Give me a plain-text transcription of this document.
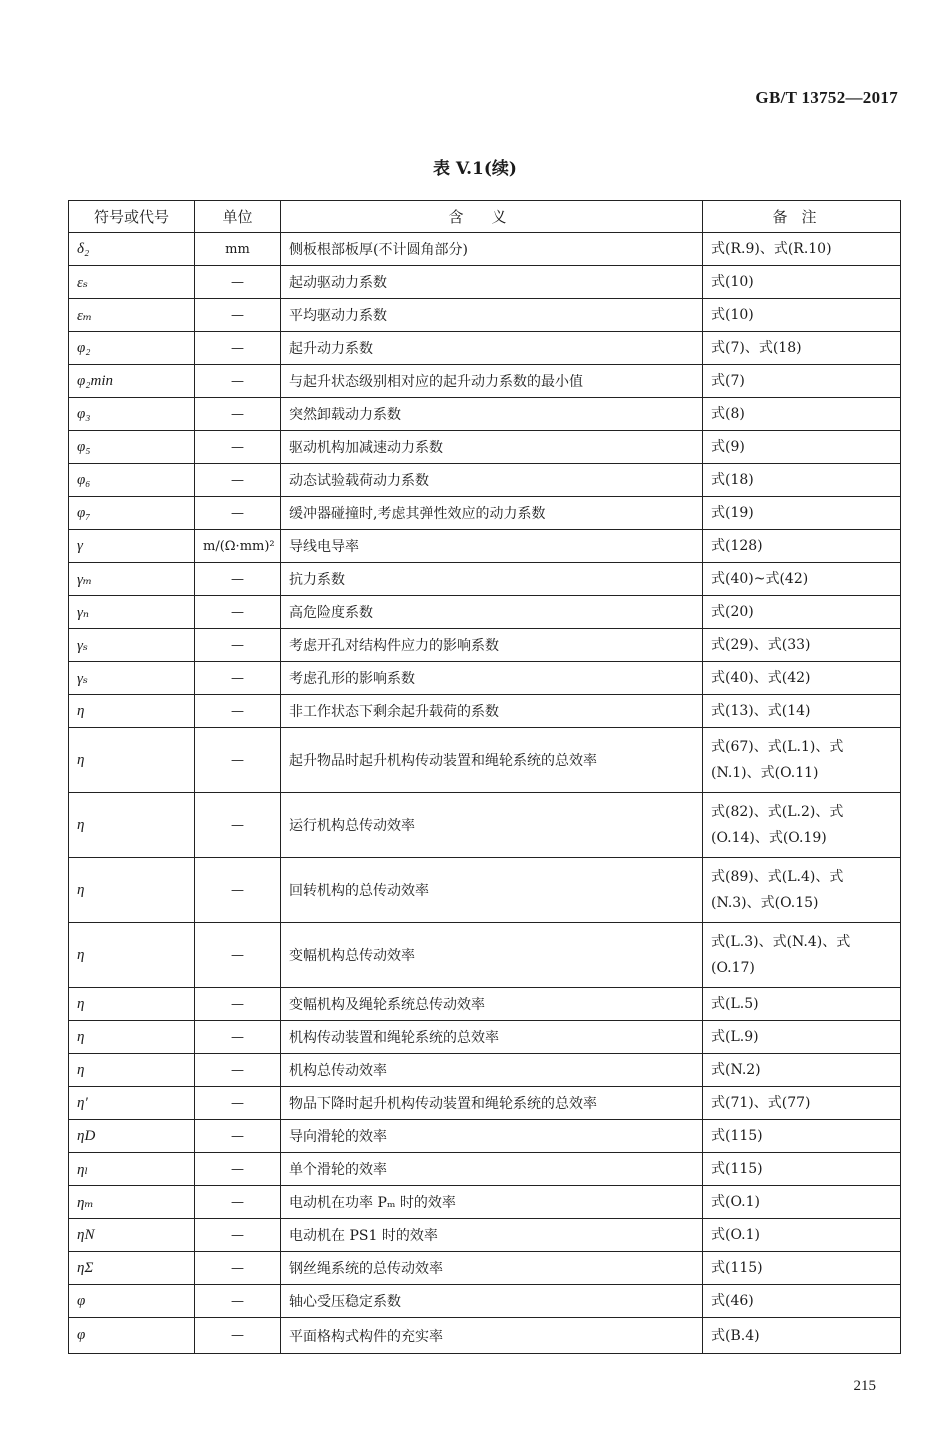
GB/T 13752—2017
表 V.1(续)
符号或代号	单位	含义	备注
δ₂	mm	侧板根部板厚(不计圆角部分)	式(R.9)、式(R.10)
εₛ	—	起动驱动力系数	式(10)
εₘ	—	平均驱动力系数	式(10)
φ₂	—	起升动力系数	式(7)、式(18)
φ₂min	—	与起升状态级别相对应的起升动力系数的最小值	式(7)
φ₃	—	突然卸载动力系数	式(8)
φ₅	—	驱动机构加减速动力系数	式(9)
φ₆	—	动态试验载荷动力系数	式(18)
φ₇	—	缓冲器碰撞时,考虑其弹性效应的动力系数	式(19)
γ	m/(Ω·mm)²	导线电导率	式(128)
γₘ	—	抗力系数	式(40)~式(42)
γₙ	—	高危险度系数	式(20)
γₛ	—	考虑开孔对结构件应力的影响系数	式(29)、式(33)
γₛ	—	考虑孔形的影响系数	式(40)、式(42)
η	—	非工作状态下剩余起升载荷的系数	式(13)、式(14)
η	—	起升物品时起升机构传动装置和绳轮系统的总效率	式(67)、式(L.1)、式(N.1)、式(O.11)
η	—	运行机构总传动效率	式(82)、式(L.2)、式(O.14)、式(O.19)
η	—	回转机构的总传动效率	式(89)、式(L.4)、式(N.3)、式(O.15)
η	—	变幅机构总传动效率	式(L.3)、式(N.4)、式(O.17)
η	—	变幅机构及绳轮系统总传动效率	式(L.5)
η	—	机构传动装置和绳轮系统的总效率	式(L.9)
η	—	机构总传动效率	式(N.2)
η′	—	物品下降时起升机构传动装置和绳轮系统的总效率	式(71)、式(77)
ηD	—	导向滑轮的效率	式(115)
ηₗ	—	单个滑轮的效率	式(115)
ηₘ	—	电动机在功率 Pₘ 时的效率	式(O.1)
ηN	—	电动机在 PS1 时的效率	式(O.1)
ηΣ	—	钢丝绳系统的总传动效率	式(115)
φ	—	轴心受压稳定系数	式(46)
φ	—	平面格构式构件的充实率	式(B.4)
215
